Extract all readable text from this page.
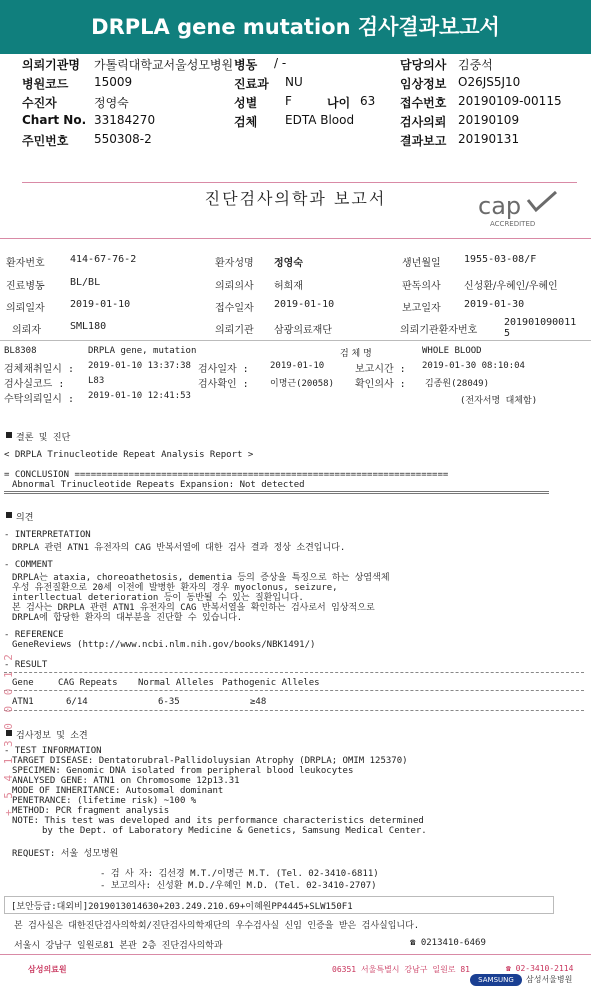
DRPLA gene mutation 검사결과보고서
의뢰기관명 가톨릭대학교서울성모병원 병동 / -	담당의사 김중석
병원코드 15009	진료과 NU	임상정보 O26JS5J10
수진자	정영숙	성별 F	나이 63 접수번호 20190109-00115
Chart No. 33184270	검체 EDTA Blood	검사의뢰 20190109
주민번호 550308-2	결과보고 20190131
진단검사의학과 보고서	cap
ACCREDITED
환자번호	414-67-76-2	환자성명 정영숙	생년월일 1955-03-08/F
진료병동	BL/BL	의뢰의사 허희재	판독의사 신성환/우혜인/우혜인
의뢰일자	2019-01-10	접수일자 2019-01-10	보고일자 2019-01-30
의뢰자	SML180	의뢰기관 삼광의료재단	의뢰기관환자번호
201901090011
5
BL8308	DRPLA gene, mutation	검 체 명	WHOLE BLOOD
검체채취일시 : 2019-01-10 13:37:38 검사일자 : 2019-01-10	보고시간 : 2019-01-30 08:10:04
검사실코드 :	L83	검사확인 : 이명근(20058) 확인의사 : 김종원(28049)
수탁의뢰일시 : 2019-01-10 12:41:53	(전자서명 대체함)
결론 및 진단
< DRPLA Trinucleotide Repeat Analysis Report >
= CONCLUSION =====================================================================
Abnormal Trinucleotide Repeats Expansion: Not detected
의견
- INTERPRETATION
DRPLA 관련 ATN1 유전자의 CAG 반복서열에 대한 검사 결과 정상 소견입니다.
- COMMENT
DRPLA는 ataxia, choreoathetosis, dementia 등의 증상을 특징으로 하는 상염색체
우성 유전질환으로 20세 이전에 발병한 환자의 경우 myoclonus, seizure,
interllectual deterioration 등이 동반될 수 있는 질환입니다.
본 검사는 DRPLA 관련 ATN1 유전자의 CAG 반복서열을 확인하는 검사로서 임상적으로
DRPLA에 합당한 환자의 대부분을 진단할 수 있습니다.
- REFERENCE
GeneReviews (http://www.ncbi.nlm.nih.gov/books/NBK1491/)
- RESULT
Gene	CAG Repeats Normal Alleles Pathogenic Alleles
ATN1	6/14	6-35	≥48
검사정보 및 소견
- TEST INFORMATION
TARGET DISEASE: Dentatorubral-Pallidoluysian Atrophy (DRPLA; OMIM 125370)
SPECIMEN: Genomic DNA isolated from peripheral blood leukocytes
ANALYSED GENE: ATN1 on Chromosome 12p13.31
MODE OF INHERITANCE: Autosomal dominant
PENETRANCE: (lifetime risk) ~100 %
METHOD: PCR fragment analysis
NOTE: This test was developed and its performance characteristics determined
by the Dept. of Laboratory Medicine & Genetics, Samsung Medical Center.
REQUEST: 서울 성모병원
- 검 사 자: 김선경 M.T./이명근 M.T. (Tel. 02-3410-6811)
- 보고의사: 신성환 M.D./우혜인 M.D. (Tel. 02-3410-2707)
+ 5 4 1 3 0 0 0 1 2
[보안등급:대외비]2019013014630+203.249.210.69+이혜원PP4445+SLW150F1
본 검사실은 대한진단검사의학회/진단검사의학재단의 우수검사실 신임 인증을 받은 검사실입니다.
서울시 강남구 일원로81 본관 2층 진단검사의학과	☎ 0213410-6469
삼성의료원	06351 서울특별시 강남구 일원로 81	☎ 02-3410-2114
SAMSUNG	삼성서울병원
